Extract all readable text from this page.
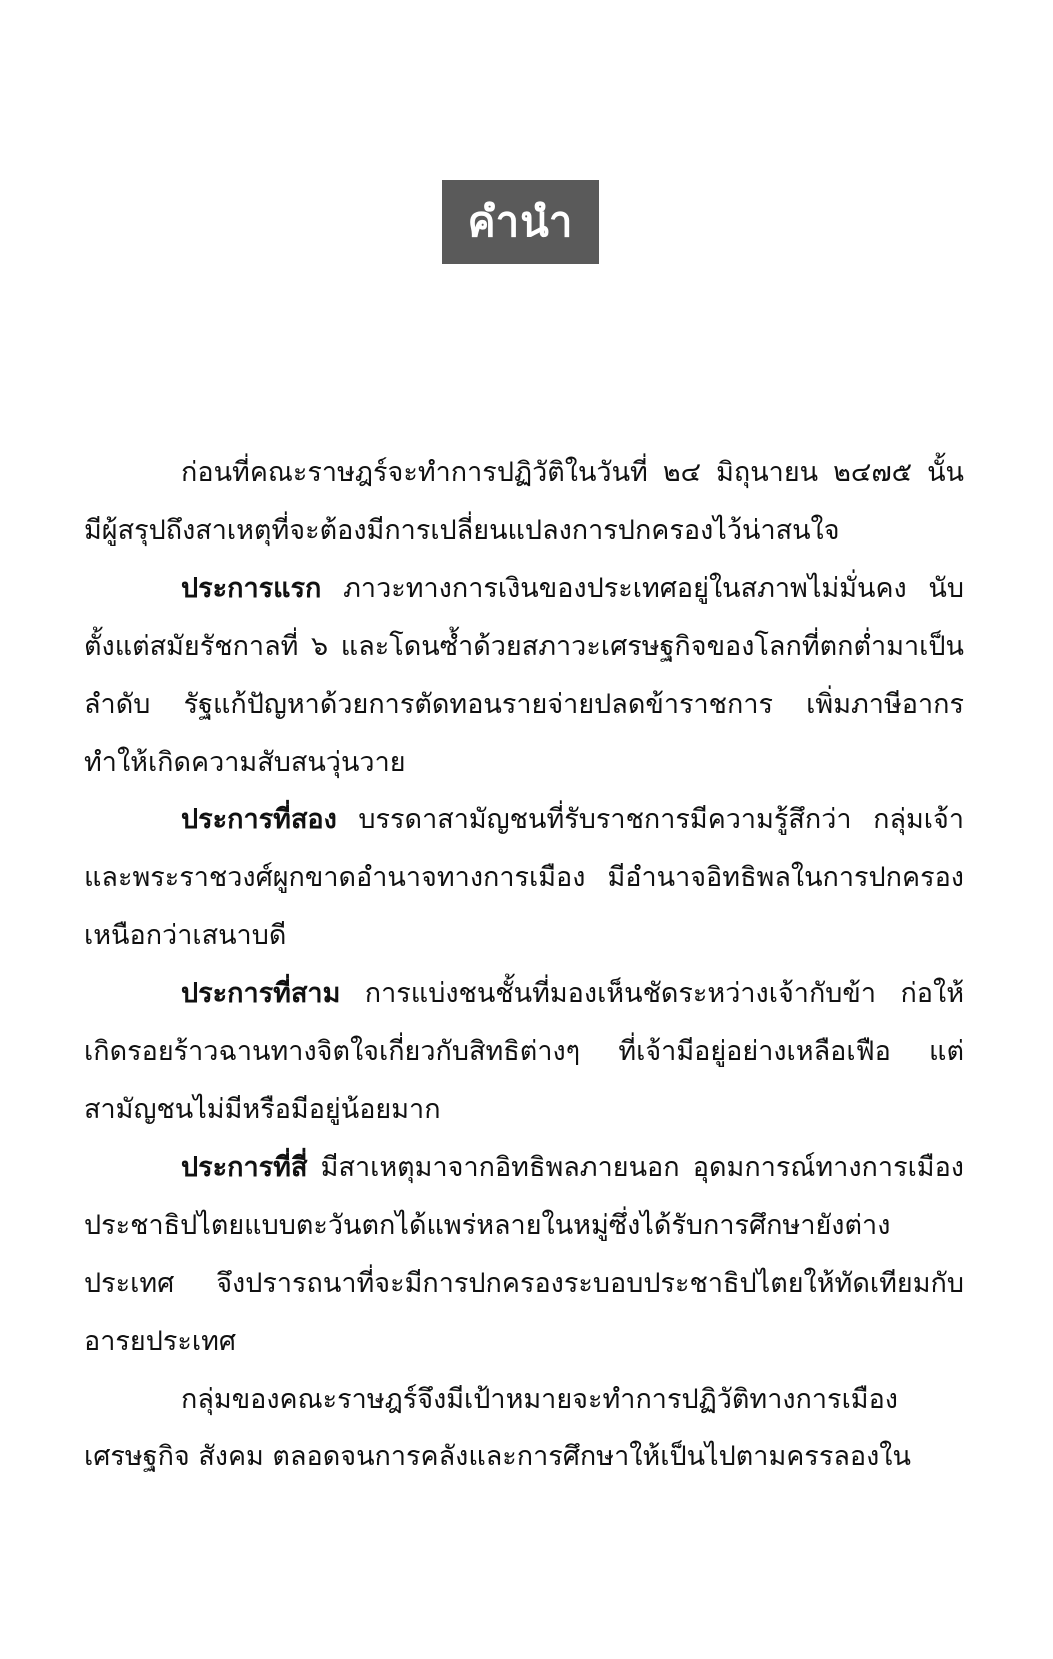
คำนำ

ก่อนที่คณะราษฎร์จะทำการปฏิวัติในวันที่ ๒๔ มิถุนายน ๒๔๗๕ นั้น มีผู้สรุปถึงสาเหตุที่จะต้องมีการเปลี่ยนแปลงการปกครองไว้น่าสนใจ

ประการแรก ภาวะทางการเงินของประเทศอยู่ในสภาพไม่มั่นคง นับตั้งแต่สมัยรัชกาลที่ ๖ และโดนซ้ำด้วยสภาวะเศรษฐกิจของโลกที่ตกต่ำมาเป็นลำดับ รัฐแก้ปัญหาด้วยการตัดทอนรายจ่ายปลดข้าราชการ เพิ่มภาษีอากร ทำให้เกิดความสับสนวุ่นวาย

ประการที่สอง บรรดาสามัญชนที่รับราชการมีความรู้สึกว่า กลุ่มเจ้าและพระราชวงศ์ผูกขาดอำนาจทางการเมือง มีอำนาจอิทธิพลในการปกครองเหนือกว่าเสนาบดี

ประการที่สาม การแบ่งชนชั้นที่มองเห็นชัดระหว่างเจ้ากับข้า ก่อให้เกิดรอยร้าวฉานทางจิตใจเกี่ยวกับสิทธิต่างๆ ที่เจ้ามีอยู่อย่างเหลือเฟือ แต่สามัญชนไม่มีหรือมีอยู่น้อยมาก

ประการที่สี่ มีสาเหตุมาจากอิทธิพลภายนอก อุดมการณ์ทางการเมืองประชาธิปไตยแบบตะวันตกได้แพร่หลายในหมู่ซึ่งได้รับการศึกษายังต่างประเทศ จึงปรารถนาที่จะมีการปกครองระบอบประชาธิปไตยให้ทัดเทียมกับอารยประเทศ

กลุ่มของคณะราษฎร์จึงมีเป้าหมายจะทำการปฏิวัติทางการเมือง เศรษฐกิจ สังคม ตลอดจนการคลังและการศึกษาให้เป็นไปตามครรลองใน
